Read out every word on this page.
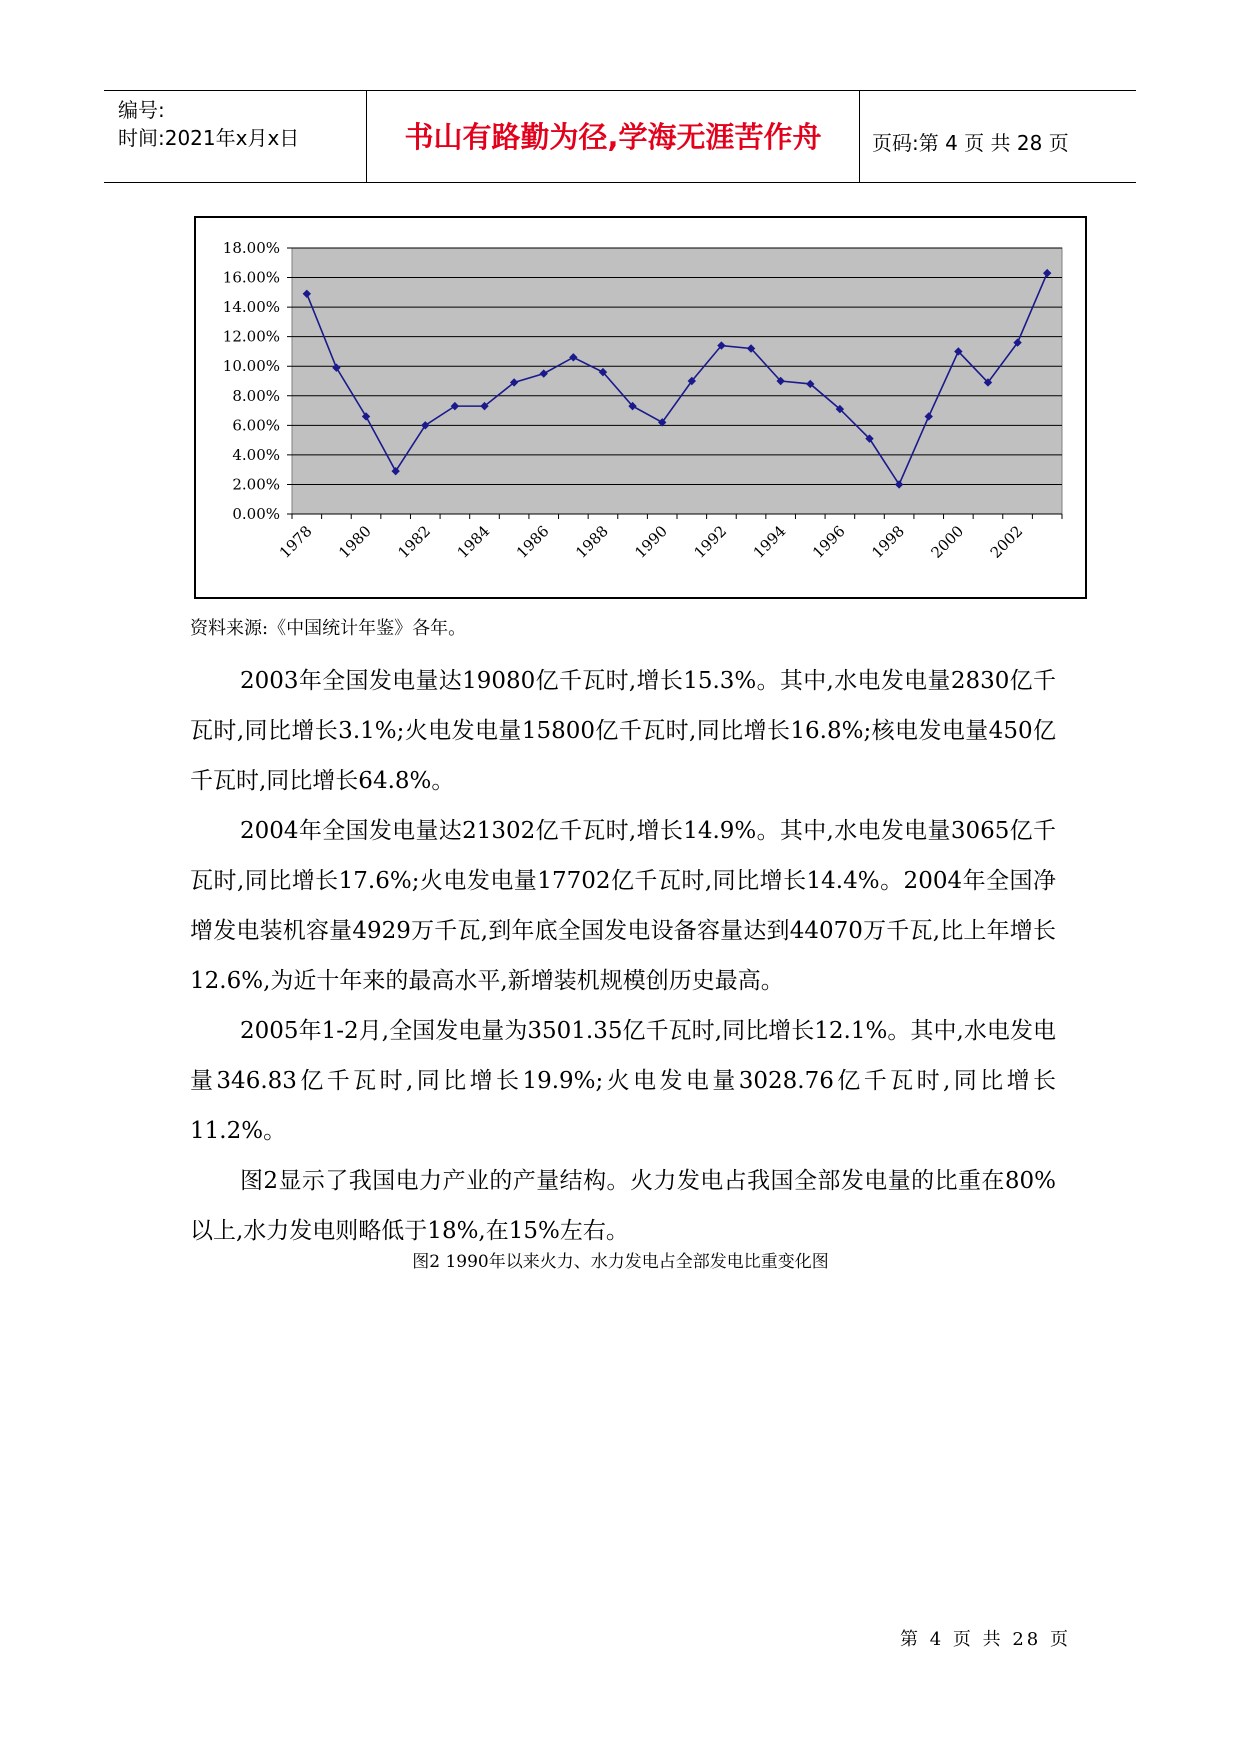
编号:
时间:2021年x月x日	书山有路勤为径,学海无涯苦作舟	页码:第 4 页 共 28 页
0.00%
2.00%
4.00%
6.00%
8.00%
10.00%
12.00%
14.00%
16.00%
18.00%
1978 1980 1982 1984 1986 1988 1990 1992 1994 1996 1998 2000 2002
资料来源:《中国统计年鉴》各年。

2003年全国发电量达19080亿千瓦时,增长15.3%。其中,水电发电量2830亿千瓦时,同比增长3.1%;火电发电量15800亿千瓦时,同比增长16.8%;核电发电量450亿千瓦时,同比增长64.8%。

2004年全国发电量达21302亿千瓦时,增长14.9%。其中,水电发电量3065亿千瓦时,同比增长17.6%;火电发电量17702亿千瓦时,同比增长14.4%。2004年全国净增发电装机容量4929万千瓦,到年底全国发电设备容量达到44070万千瓦,比上年增长12.6%,为近十年来的最高水平,新增装机规模创历史最高。

2005年1-2月,全国发电量为3501.35亿千瓦时,同比增长12.1%。其中,水电发电量346.83亿千瓦时,同比增长19.9%;火电发电量3028.76亿千瓦时,同比增长11.2%。

图2显示了我国电力产业的产量结构。火力发电占我国全部发电量的比重在80%以上,水力发电则略低于18%,在15%左右。

图2 1990年以来火力、水力发电占全部发电比重变化图
第 4 页 共 28 页
